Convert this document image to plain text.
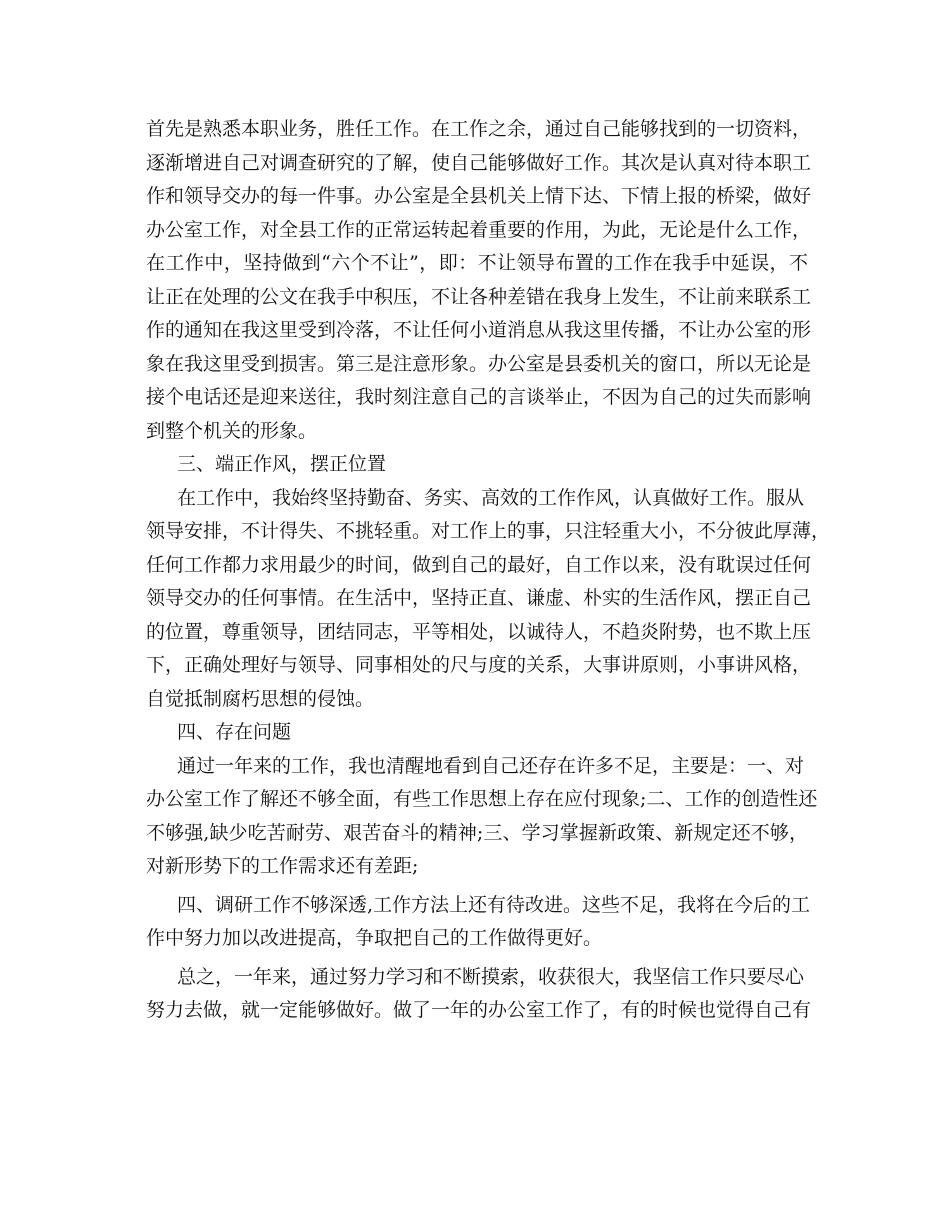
首先是熟悉本职业务，胜任工作。在工作之余，通过自己能够找到的一切资料，
逐渐增进自己对调查研究的了解，使自己能够做好工作。其次是认真对待本职工
作和领导交办的每一件事。办公室是全县机关上情下达、下情上报的桥梁，做好
办公室工作，对全县工作的正常运转起着重要的作用，为此，无论是什么工作，
在工作中，坚持做到“六个不让”，即：不让领导布置的工作在我手中延误，不
让正在处理的公文在我手中积压，不让各种差错在我身上发生，不让前来联系工
作的通知在我这里受到冷落，不让任何小道消息从我这里传播，不让办公室的形
象在我这里受到损害。第三是注意形象。办公室是县委机关的窗口，所以无论是
接个电话还是迎来送往，我时刻注意自己的言谈举止，不因为自己的过失而影响
到整个机关的形象。
三、端正作风，摆正位置
在工作中，我始终坚持勤奋、务实、高效的工作作风，认真做好工作。服从
领导安排，不计得失、不挑轻重。对工作上的事，只注轻重大小，不分彼此厚薄，
任何工作都力求用最少的时间，做到自己的最好，自工作以来，没有耽误过任何
领导交办的任何事情。在生活中，坚持正直、谦虚、朴实的生活作风，摆正自己
的位置，尊重领导，团结同志，平等相处，以诚待人，不趋炎附势，也不欺上压
下，正确处理好与领导、同事相处的尺与度的关系，大事讲原则，小事讲风格，
自觉抵制腐朽思想的侵蚀。
四、存在问题
通过一年来的工作，我也清醒地看到自己还存在许多不足，主要是：一、对
办公室工作了解还不够全面，有些工作思想上存在应付现象;二、工作的创造性还
不够强,缺少吃苦耐劳、艰苦奋斗的精神;三、学习掌握新政策、新规定还不够，
对新形势下的工作需求还有差距;
四、调研工作不够深透,工作方法上还有待改进。这些不足，我将在今后的工
作中努力加以改进提高，争取把自己的工作做得更好。
总之，一年来，通过努力学习和不断摸索，收获很大，我坚信工作只要尽心
努力去做，就一定能够做好。做了一年的办公室工作了，有的时候也觉得自己有
